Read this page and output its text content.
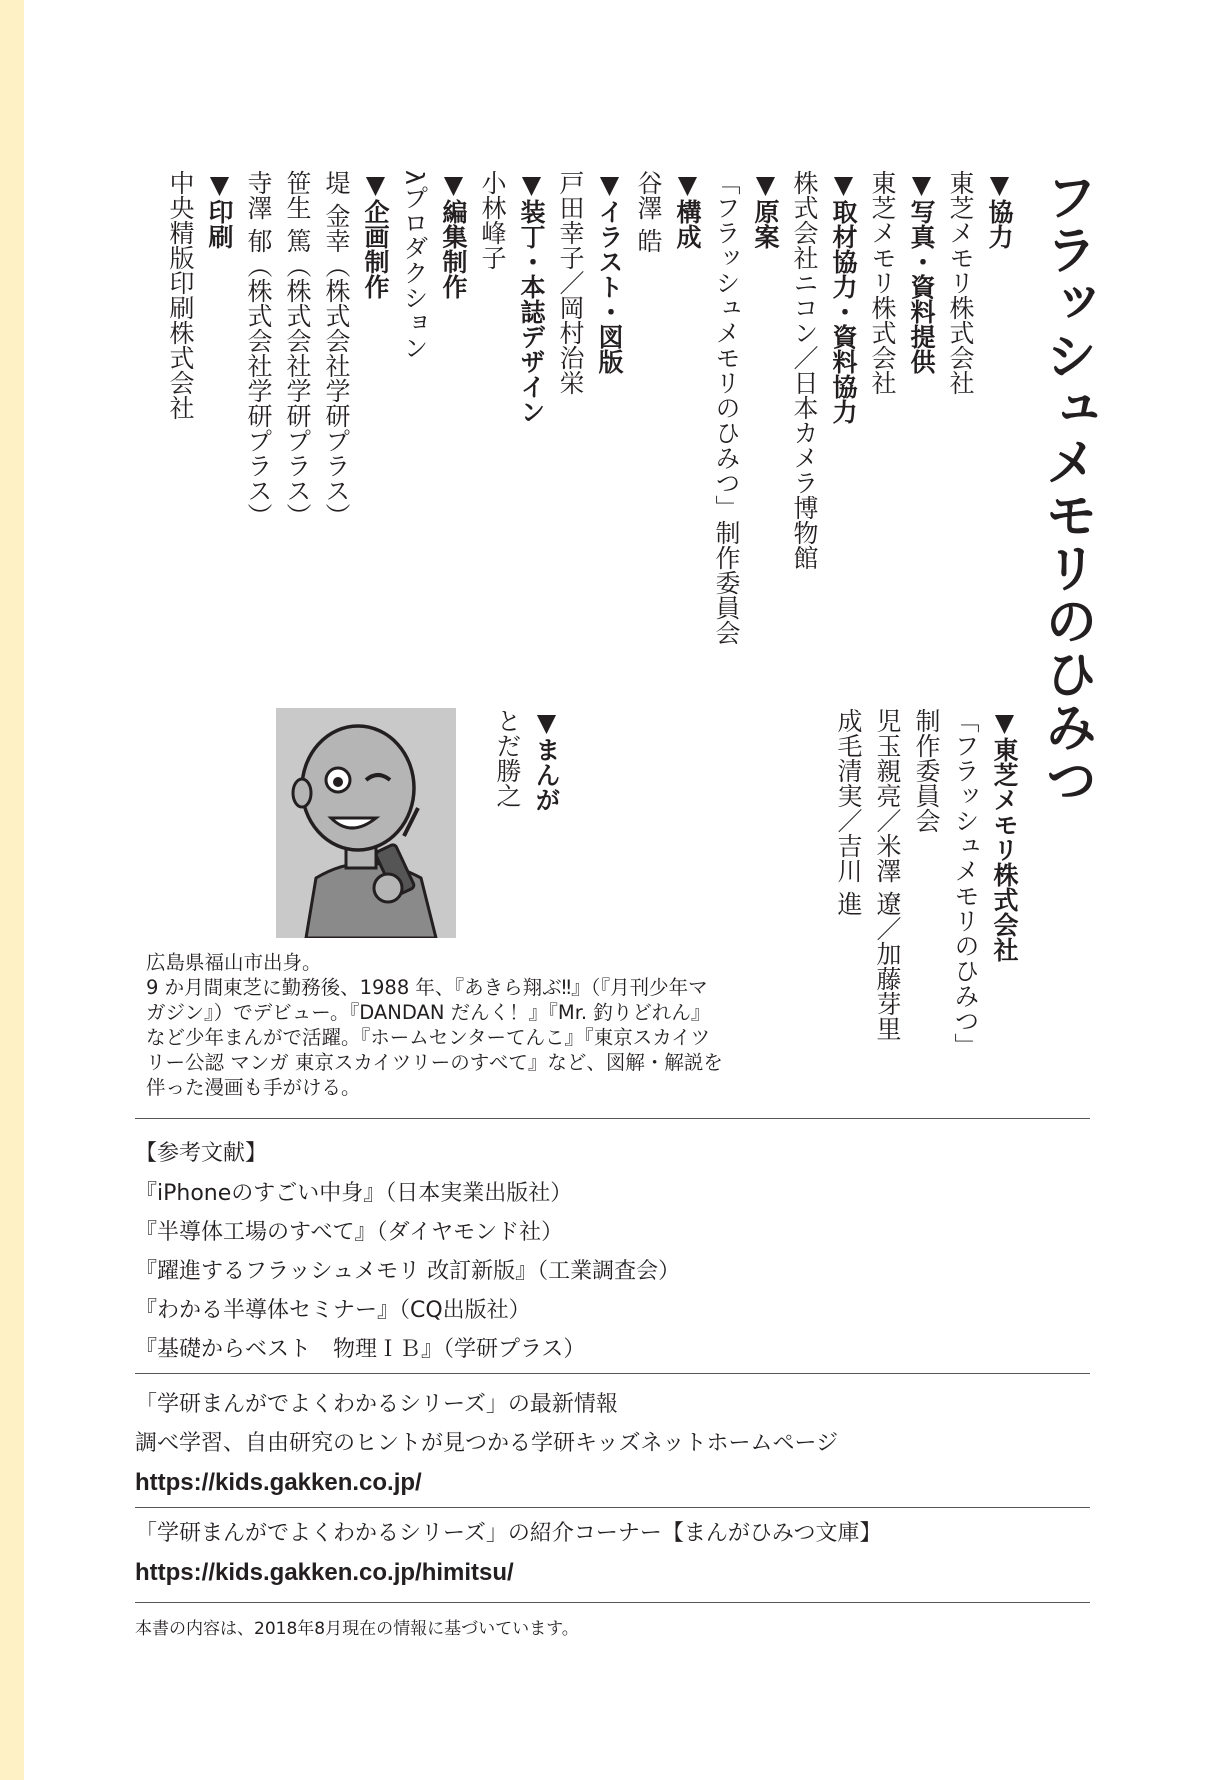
フラッシュメモリのひみつ
▼協力
東芝メモリ株式会社
▼写真・資料提供
東芝メモリ株式会社
▼取材協力・資料協力
株式会社ニコン／日本カメラ博物館
▼原案
「フラッシュメモリのひみつ」制作委員会
▼構成
谷澤 皓
▼イラスト・図版
戸田幸子／岡村治栄
▼装丁・本誌デザイン
小林峰子
▼編集制作
λプロダクション
▼企画制作
堤 金幸（株式会社学研プラス）
笹生 篤（株式会社学研プラス）
寺澤 郁（株式会社学研プラス）
▼印刷
中央精版印刷株式会社
▼東芝メモリ株式会社
「フラッシュメモリのひみつ」
制作委員会
児玉親亮／米澤 遼／加藤芽里
成毛清実／吉川 進
▼まんが
とだ勝之

広島県福山市出身。

9 か月間東芝に勤務後、1988 年、『あきら翔ぶ‼』（『月刊少年マ

ガジン』）でデビュー。『DANDAN だんく！』『Mr. 釣りどれん』

など少年まんがで活躍。『ホームセンターてんこ』『東京スカイツ

リー公認 マンガ 東京スカイツリーのすべて』など、図解・解説を

伴った漫画も手がける。

【参考文献】
『iPhoneのすごい中身』（日本実業出版社）
『半導体工場のすべて』（ダイヤモンド社）
『躍進するフラッシュメモリ 改訂新版』（工業調査会）
『わかる半導体セミナー』（CQ出版社）
『基礎からベスト　物理ＩＢ』（学研プラス）
「学研まんがでよくわかるシリーズ」の最新情報
調べ学習、自由研究のヒントが見つかる学研キッズネットホームページ
https://kids.gakken.co.jp/
「学研まんがでよくわかるシリーズ」の紹介コーナー【まんがひみつ文庫】
https://kids.gakken.co.jp/himitsu/
本書の内容は、2018年8月現在の情報に基づいています。
